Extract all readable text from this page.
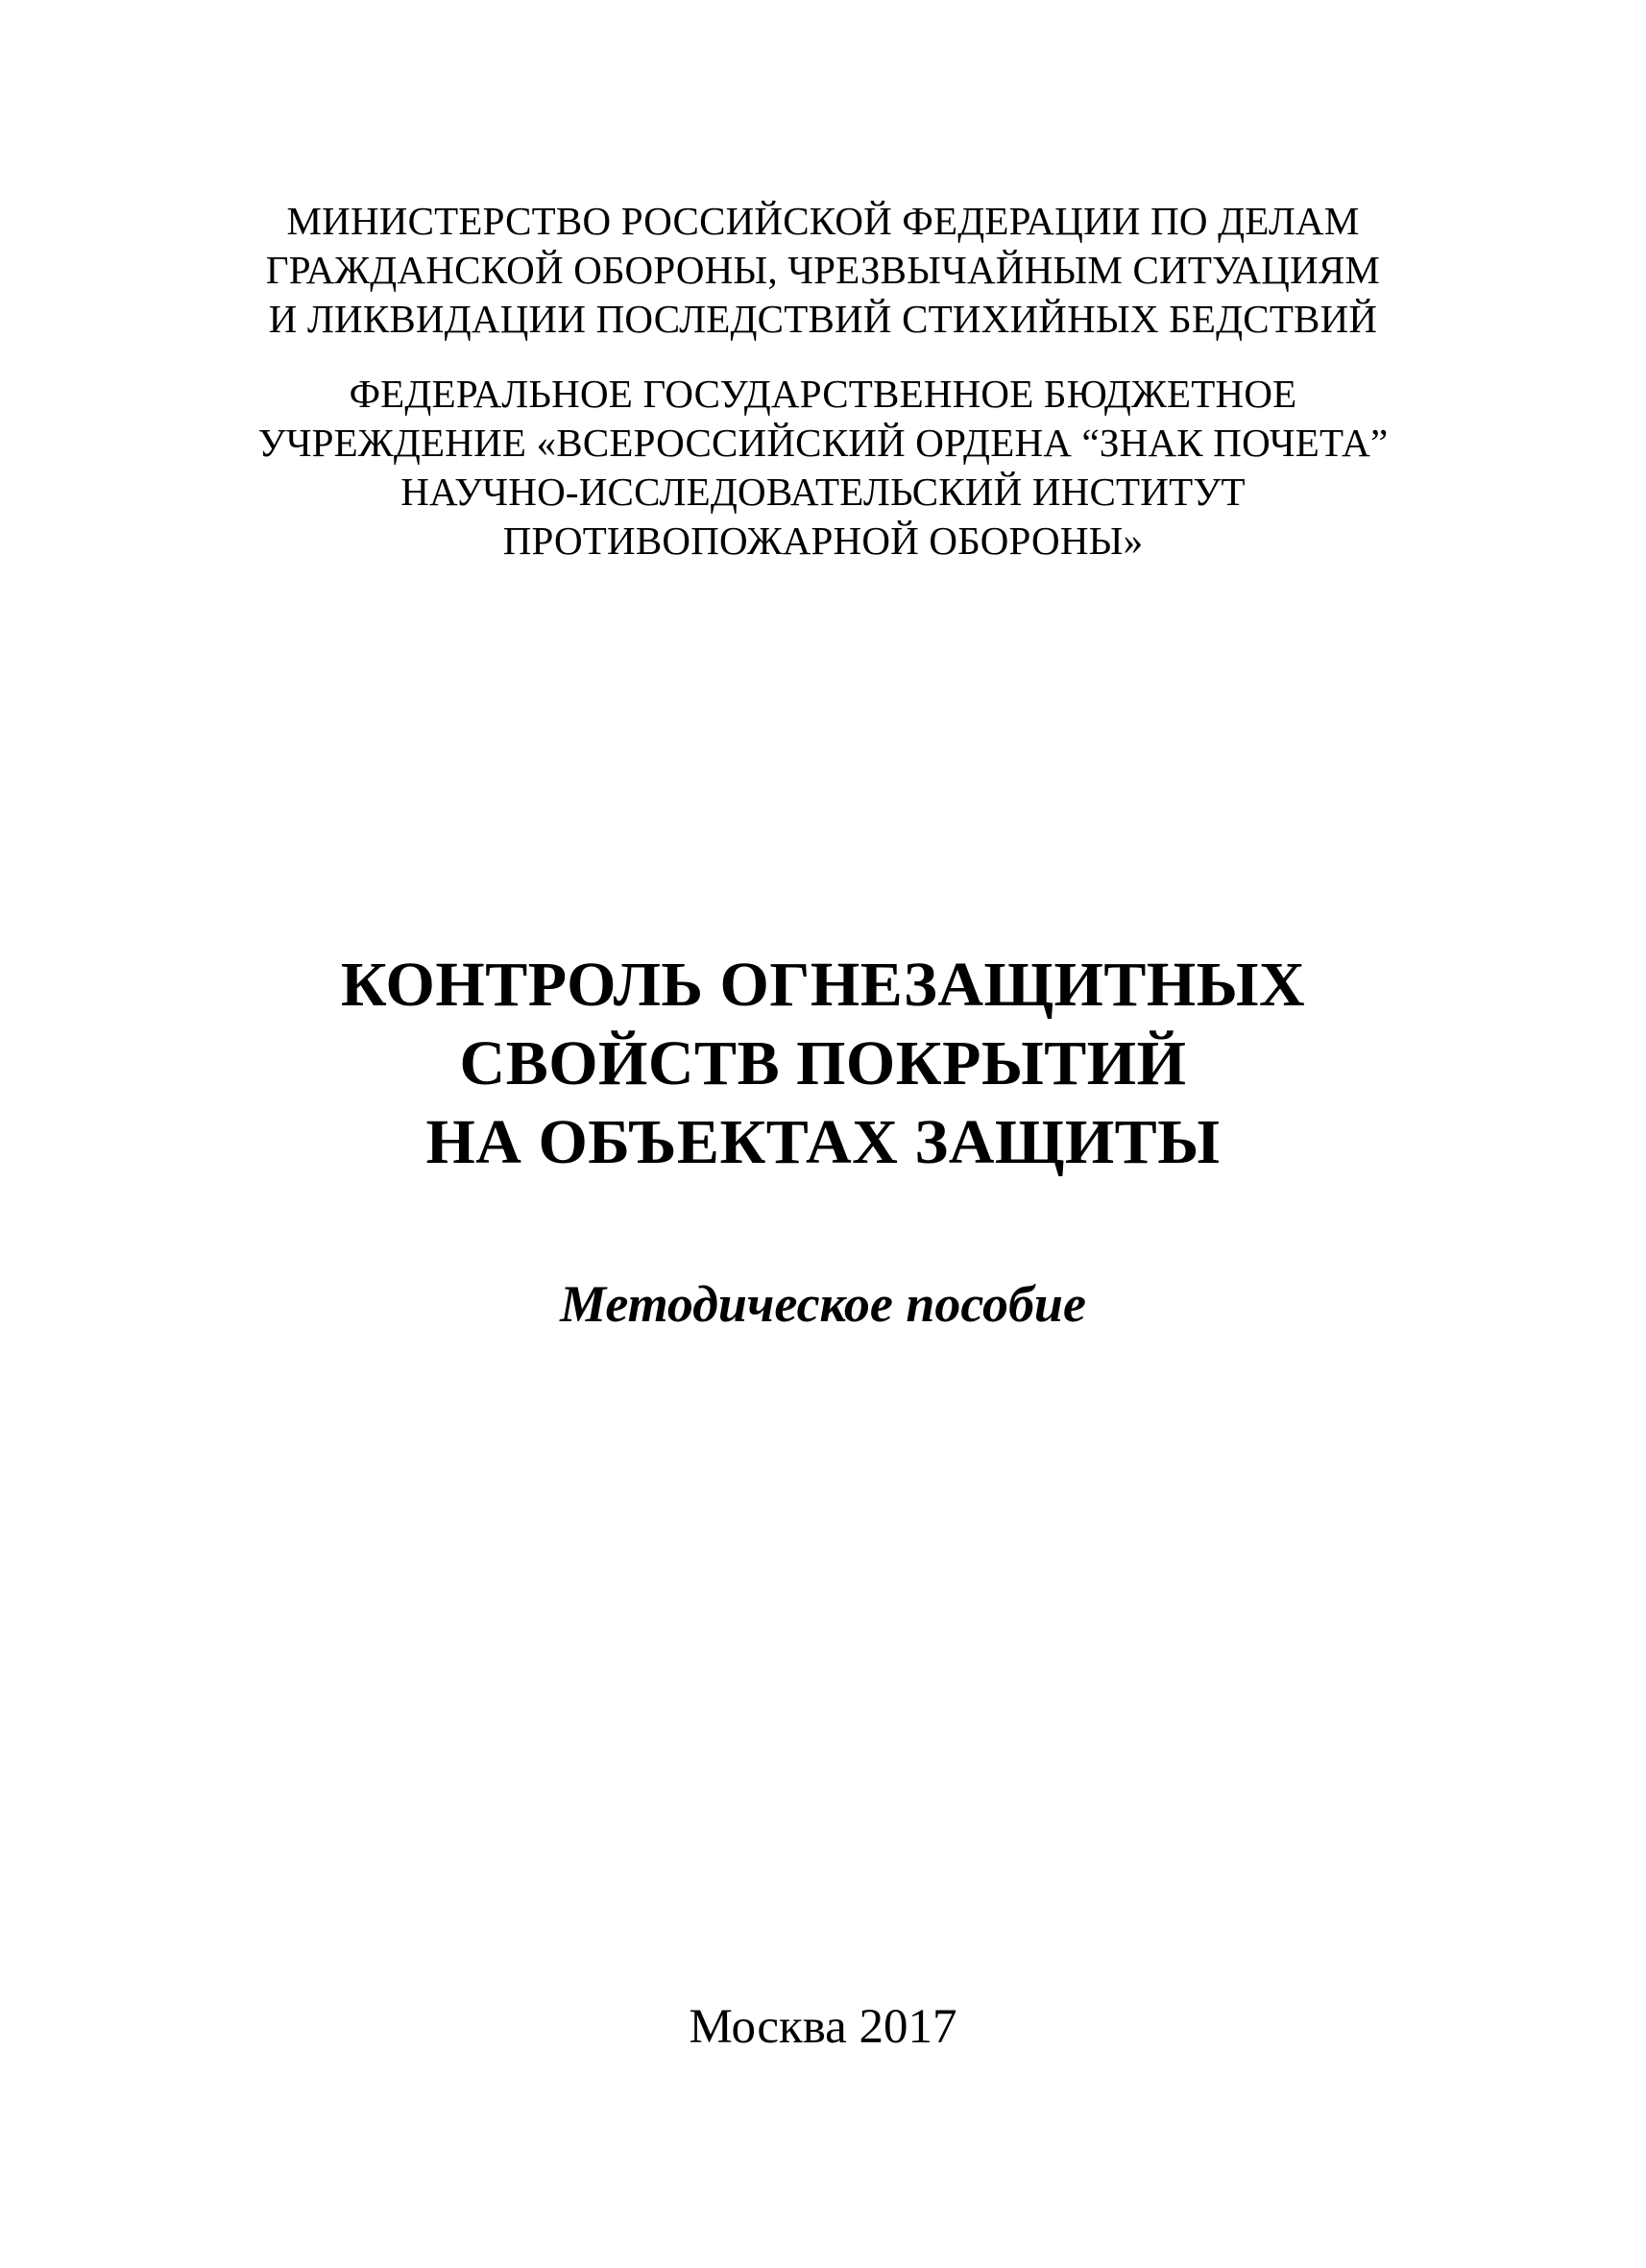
МИНИСТЕРСТВО РОССИЙСКОЙ ФЕДЕРАЦИИ ПО ДЕЛАМ
ГРАЖДАНСКОЙ ОБОРОНЫ, ЧРЕЗВЫЧАЙНЫМ СИТУАЦИЯМ
И ЛИКВИДАЦИИ ПОСЛЕДСТВИЙ СТИХИЙНЫХ БЕДСТВИЙ
ФЕДЕРАЛЬНОЕ ГОСУДАРСТВЕННОЕ БЮДЖЕТНОЕ
УЧРЕЖДЕНИЕ «ВСЕРОССИЙСКИЙ ОРДЕНА “ЗНАК ПОЧЕТА”
НАУЧНО-ИССЛЕДОВАТЕЛЬСКИЙ ИНСТИТУТ
ПРОТИВОПОЖАРНОЙ ОБОРОНЫ»
КОНТРОЛЬ ОГНЕЗАЩИТНЫХ
СВОЙСТВ ПОКРЫТИЙ
НА ОБЪЕКТАХ ЗАЩИТЫ
Методическое пособие
Москва 2017
